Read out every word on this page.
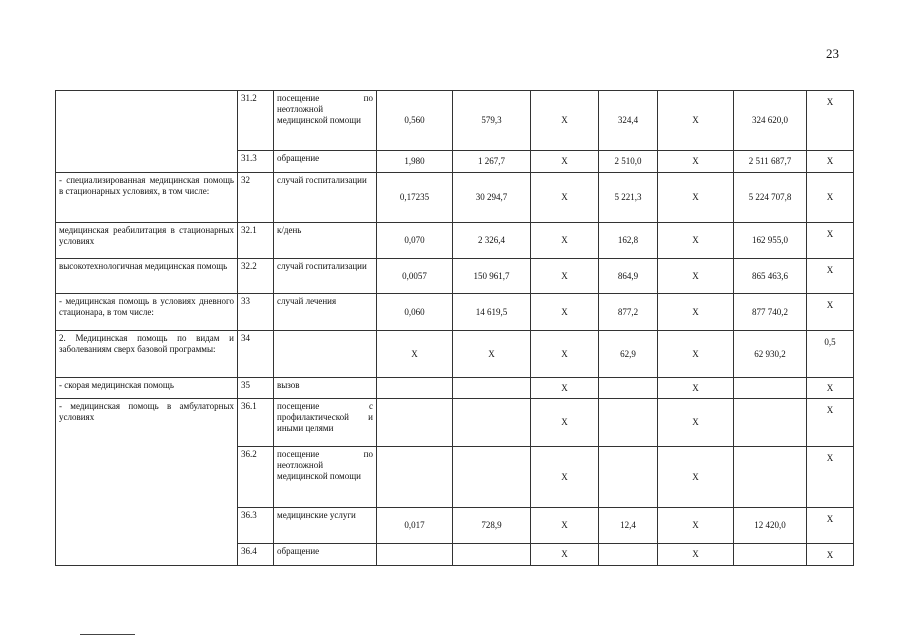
23
	31.2	посещение по неотложной медицинской помощи	0,560	579,3	X	324,4	X	324 620,0	X
	31.3	обращение	1,980	1 267,7	X	2 510,0	X	2 511 687,7	X
- специализированная медицинская помощь в стационарных условиях, в том числе:	32	случай госпитализации	0,17235	30 294,7	X	5 221,3	X	5 224 707,8	X
медицинская реабилитация в стационарных условиях	32.1	к/день	0,070	2 326,4	X	162,8	X	162 955,0	X
высокотехнологичная медицинская помощь	32.2	случай госпитализации	0,0057	150 961,7	X	864,9	X	865 463,6	X
- медицинская помощь в условиях дневного стационара, в том числе:	33	случай лечения	0,060	14 619,5	X	877,2	X	877 740,2	X
2. Медицинская помощь по видам и заболеваниям сверх базовой программы:	34		X	X	X	62,9	X	62 930,2	0,5
- скорая медицинская помощь	35	вызов			X		X		X
- медицинская помощь в амбулаторных условиях	36.1	посещение с профилактической и иными целями			X		X		X
	36.2	посещение по неотложной медицинской помощи			X		X		X
	36.3	медицинские услуги	0,017	728,9	X	12,4	X	12 420,0	X
	36.4	обращение			X		X		X
